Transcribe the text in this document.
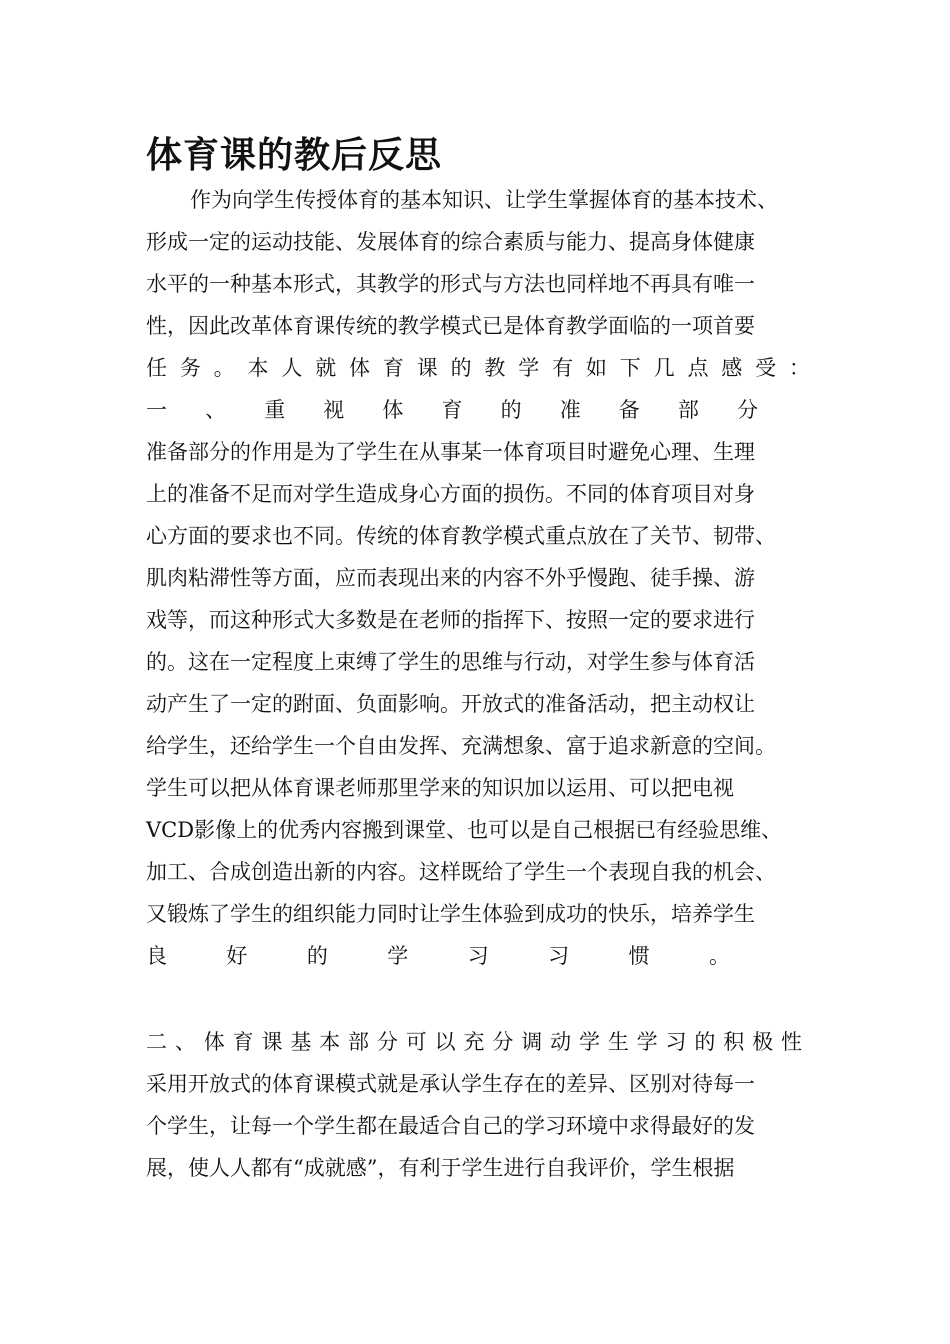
体育课的教后反思
作为向学生传授体育的基本知识、让学生掌握体育的基本技术、
形成一定的运动技能、发展体育的综合素质与能力、提高身体健康
水平的一种基本形式，其教学的形式与方法也同样地不再具有唯一
性，因此改革体育课传统的教学模式已是体育教学面临的一项首要
任 务 。 本 人 就 体 育 课 的 教 学 有 如 下 几 点 感 受 ：
一 、 重 视 体 育 的 准 备 部 分
准备部分的作用是为了学生在从事某一体育项目时避免心理、生理
上的准备不足而对学生造成身心方面的损伤。不同的体育项目对身
心方面的要求也不同。传统的体育教学模式重点放在了关节、韧带、
肌肉粘滞性等方面，应而表现出来的内容不外乎慢跑、徒手操、游
戏等，而这种形式大多数是在老师的指挥下、按照一定的要求进行
的。这在一定程度上束缚了学生的思维与行动，对学生参与体育活
动产生了一定的跗面、负面影响。开放式的准备活动，把主动权让
给学生，还给学生一个自由发挥、充满想象、富于追求新意的空间。
学生可以把从体育课老师那里学来的知识加以运用、可以把电视
VCD影像上的优秀内容搬到课堂、也可以是自己根据已有经验思维、
加工、合成创造出新的内容。这样既给了学生一个表现自我的机会、
又锻炼了学生的组织能力同时让学生体验到成功的快乐，培养学生
良 好 的 学 习 习 惯 。
二、体育课基本部分可以充分调动学生学习的积极性
采用开放式的体育课模式就是承认学生存在的差异、区别对待每一
个学生，让每一个学生都在最适合自己的学习环境中求得最好的发
展，使人人都有“成就感”，有利于学生进行自我评价，学生根据
